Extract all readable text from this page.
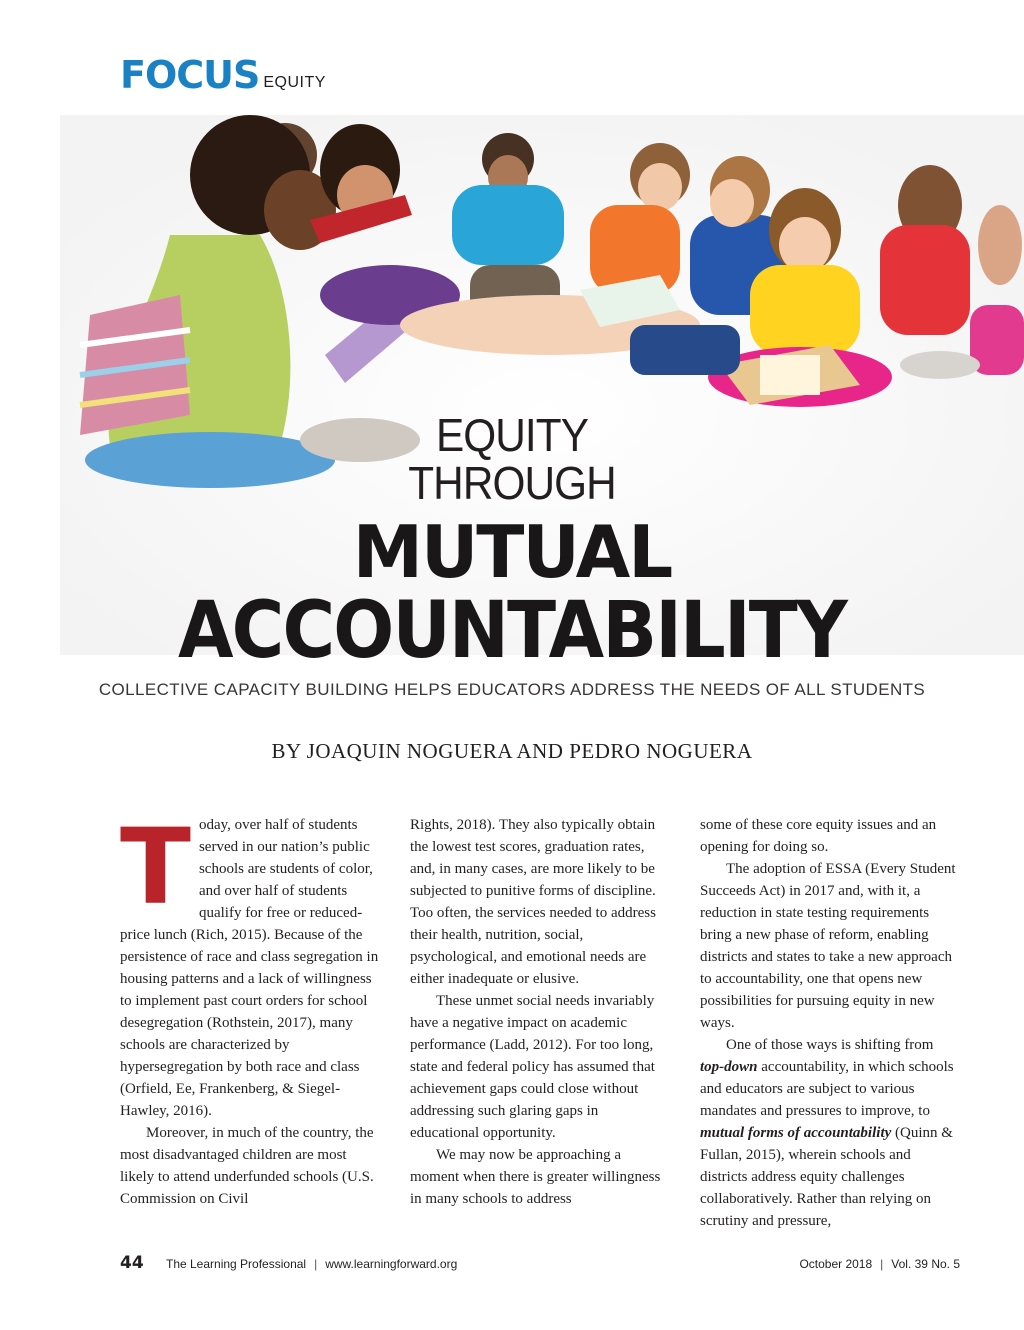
FOCUS EQUITY
EQUITY
THROUGH
MUTUAL
ACCOUNTABILITY
COLLECTIVE CAPACITY BUILDING HELPS EDUCATORS ADDRESS THE NEEDS OF ALL STUDENTS
BY JOAQUIN NOGUERA AND PEDRO NOGUERA

Today, over half of students served in our nation’s public schools are students of color, and over half of students qualify for free or reduced-price lunch (Rich, 2015). Because of the persistence of race and class segregation in housing patterns and a lack of willingness to implement past court orders for school desegregation (Rothstein, 2017), many schools are characterized by hypersegregation by both race and class (Orfield, Ee, Frankenberg, & Siegel-Hawley, 2016).

Moreover, in much of the country, the most disadvantaged children are most likely to attend underfunded schools (U.S. Commission on Civil

Rights, 2018). They also typically obtain the lowest test scores, graduation rates, and, in many cases, are more likely to be subjected to punitive forms of discipline. Too often, the services needed to address their health, nutrition, social, psychological, and emotional needs are either inadequate or elusive.

These unmet social needs invariably have a negative impact on academic performance (Ladd, 2012). For too long, state and federal policy has assumed that achievement gaps could close without addressing such glaring gaps in educational opportunity.

We may now be approaching a moment when there is greater willingness in many schools to address

some of these core equity issues and an opening for doing so.

The adoption of ESSA (Every Student Succeeds Act) in 2017 and, with it, a reduction in state testing requirements bring a new phase of reform, enabling districts and states to take a new approach to accountability, one that opens new possibilities for pursuing equity in new ways.

One of those ways is shifting from top-down accountability, in which schools and educators are subject to various mandates and pressures to improve, to mutual forms of accountability (Quinn & Fullan, 2015), wherein schools and districts address equity challenges collaboratively. Rather than relying on scrutiny and pressure,

44 The Learning Professional | www.learningforward.org	October 2018 | Vol. 39 No. 5
